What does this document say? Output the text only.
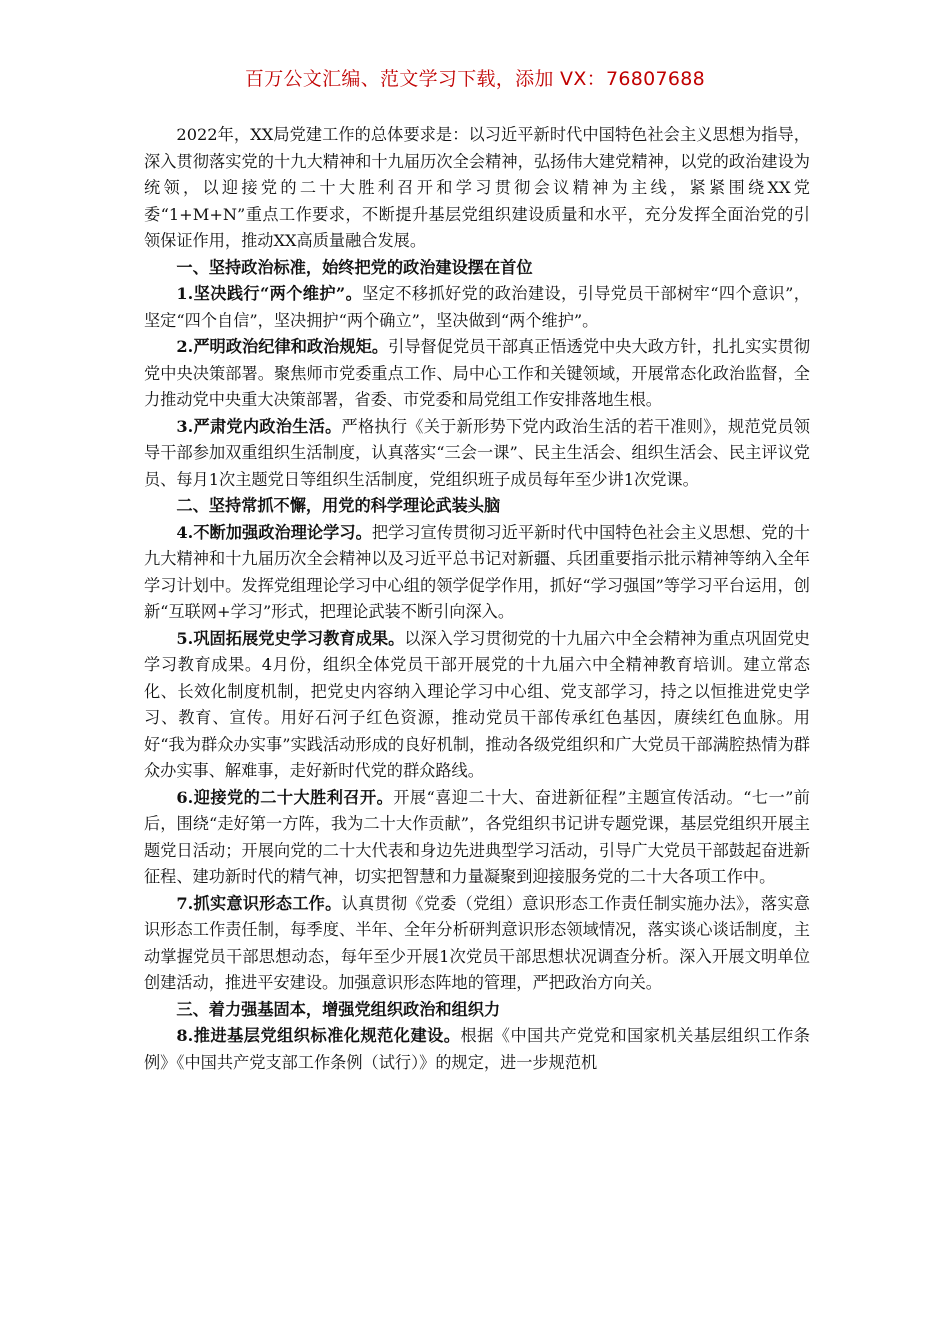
百万公文汇编、范文学习下载，添加 VX：76807688

2022年，XX局党建工作的总体要求是：以习近平新时代中国特色社会主义思想为指导，深入贯彻落实党的十九大精神和十九届历次全会精神，弘扬伟大建党精神，以党的政治建设为统领，以迎接党的二十大胜利召开和学习贯彻会议精神为主线，紧紧围绕XX党委“1+M+N”重点工作要求，不断提升基层党组织建设质量和水平，充分发挥全面治党的引领保证作用，推动XX高质量融合发展。

一、坚持政治标准，始终把党的政治建设摆在首位

1.坚决践行“两个维护”。坚定不移抓好党的政治建设，引导党员干部树牢“四个意识”，坚定“四个自信”，坚决拥护“两个确立”，坚决做到“两个维护”。

2.严明政治纪律和政治规矩。引导督促党员干部真正悟透党中央大政方针，扎扎实实贯彻党中央决策部署。聚焦师市党委重点工作、局中心工作和关键领域，开展常态化政治监督，全力推动党中央重大决策部署，省委、市党委和局党组工作安排落地生根。

3.严肃党内政治生活。严格执行《关于新形势下党内政治生活的若干准则》，规范党员领导干部参加双重组织生活制度，认真落实“三会一课”、民主生活会、组织生活会、民主评议党员、每月1次主题党日等组织生活制度，党组织班子成员每年至少讲1次党课。

二、坚持常抓不懈，用党的科学理论武装头脑

4.不断加强政治理论学习。把学习宣传贯彻习近平新时代中国特色社会主义思想、党的十九大精神和十九届历次全会精神以及习近平总书记对新疆、兵团重要指示批示精神等纳入全年学习计划中。发挥党组理论学习中心组的领学促学作用，抓好“学习强国”等学习平台运用，创新“互联网+学习”形式，把理论武装不断引向深入。

5.巩固拓展党史学习教育成果。以深入学习贯彻党的十九届六中全会精神为重点巩固党史学习教育成果。4月份，组织全体党员干部开展党的十九届六中全精神教育培训。建立常态化、长效化制度机制，把党史内容纳入理论学习中心组、党支部学习，持之以恒推进党史学习、教育、宣传。用好石河子红色资源，推动党员干部传承红色基因，赓续红色血脉。用好“我为群众办实事”实践活动形成的良好机制，推动各级党组织和广大党员干部满腔热情为群众办实事、解难事，走好新时代党的群众路线。

6.迎接党的二十大胜利召开。开展“喜迎二十大、奋进新征程”主题宣传活动。“七一”前后，围绕“走好第一方阵，我为二十大作贡献”，各党组织书记讲专题党课，基层党组织开展主题党日活动；开展向党的二十大代表和身边先进典型学习活动，引导广大党员干部鼓起奋进新征程、建功新时代的精气神，切实把智慧和力量凝聚到迎接服务党的二十大各项工作中。

7.抓实意识形态工作。认真贯彻《党委（党组）意识形态工作责任制实施办法》，落实意识形态工作责任制，每季度、半年、全年分析研判意识形态领域情况，落实谈心谈话制度，主动掌握党员干部思想动态，每年至少开展1次党员干部思想状况调查分析。深入开展文明单位创建活动，推进平安建设。加强意识形态阵地的管理，严把政治方向关。

三、着力强基固本，增强党组织政治和组织力

8.推进基层党组织标准化规范化建设。根据《中国共产党党和国家机关基层组织工作条例》《中国共产党支部工作条例（试行）》的规定，进一步规范机
